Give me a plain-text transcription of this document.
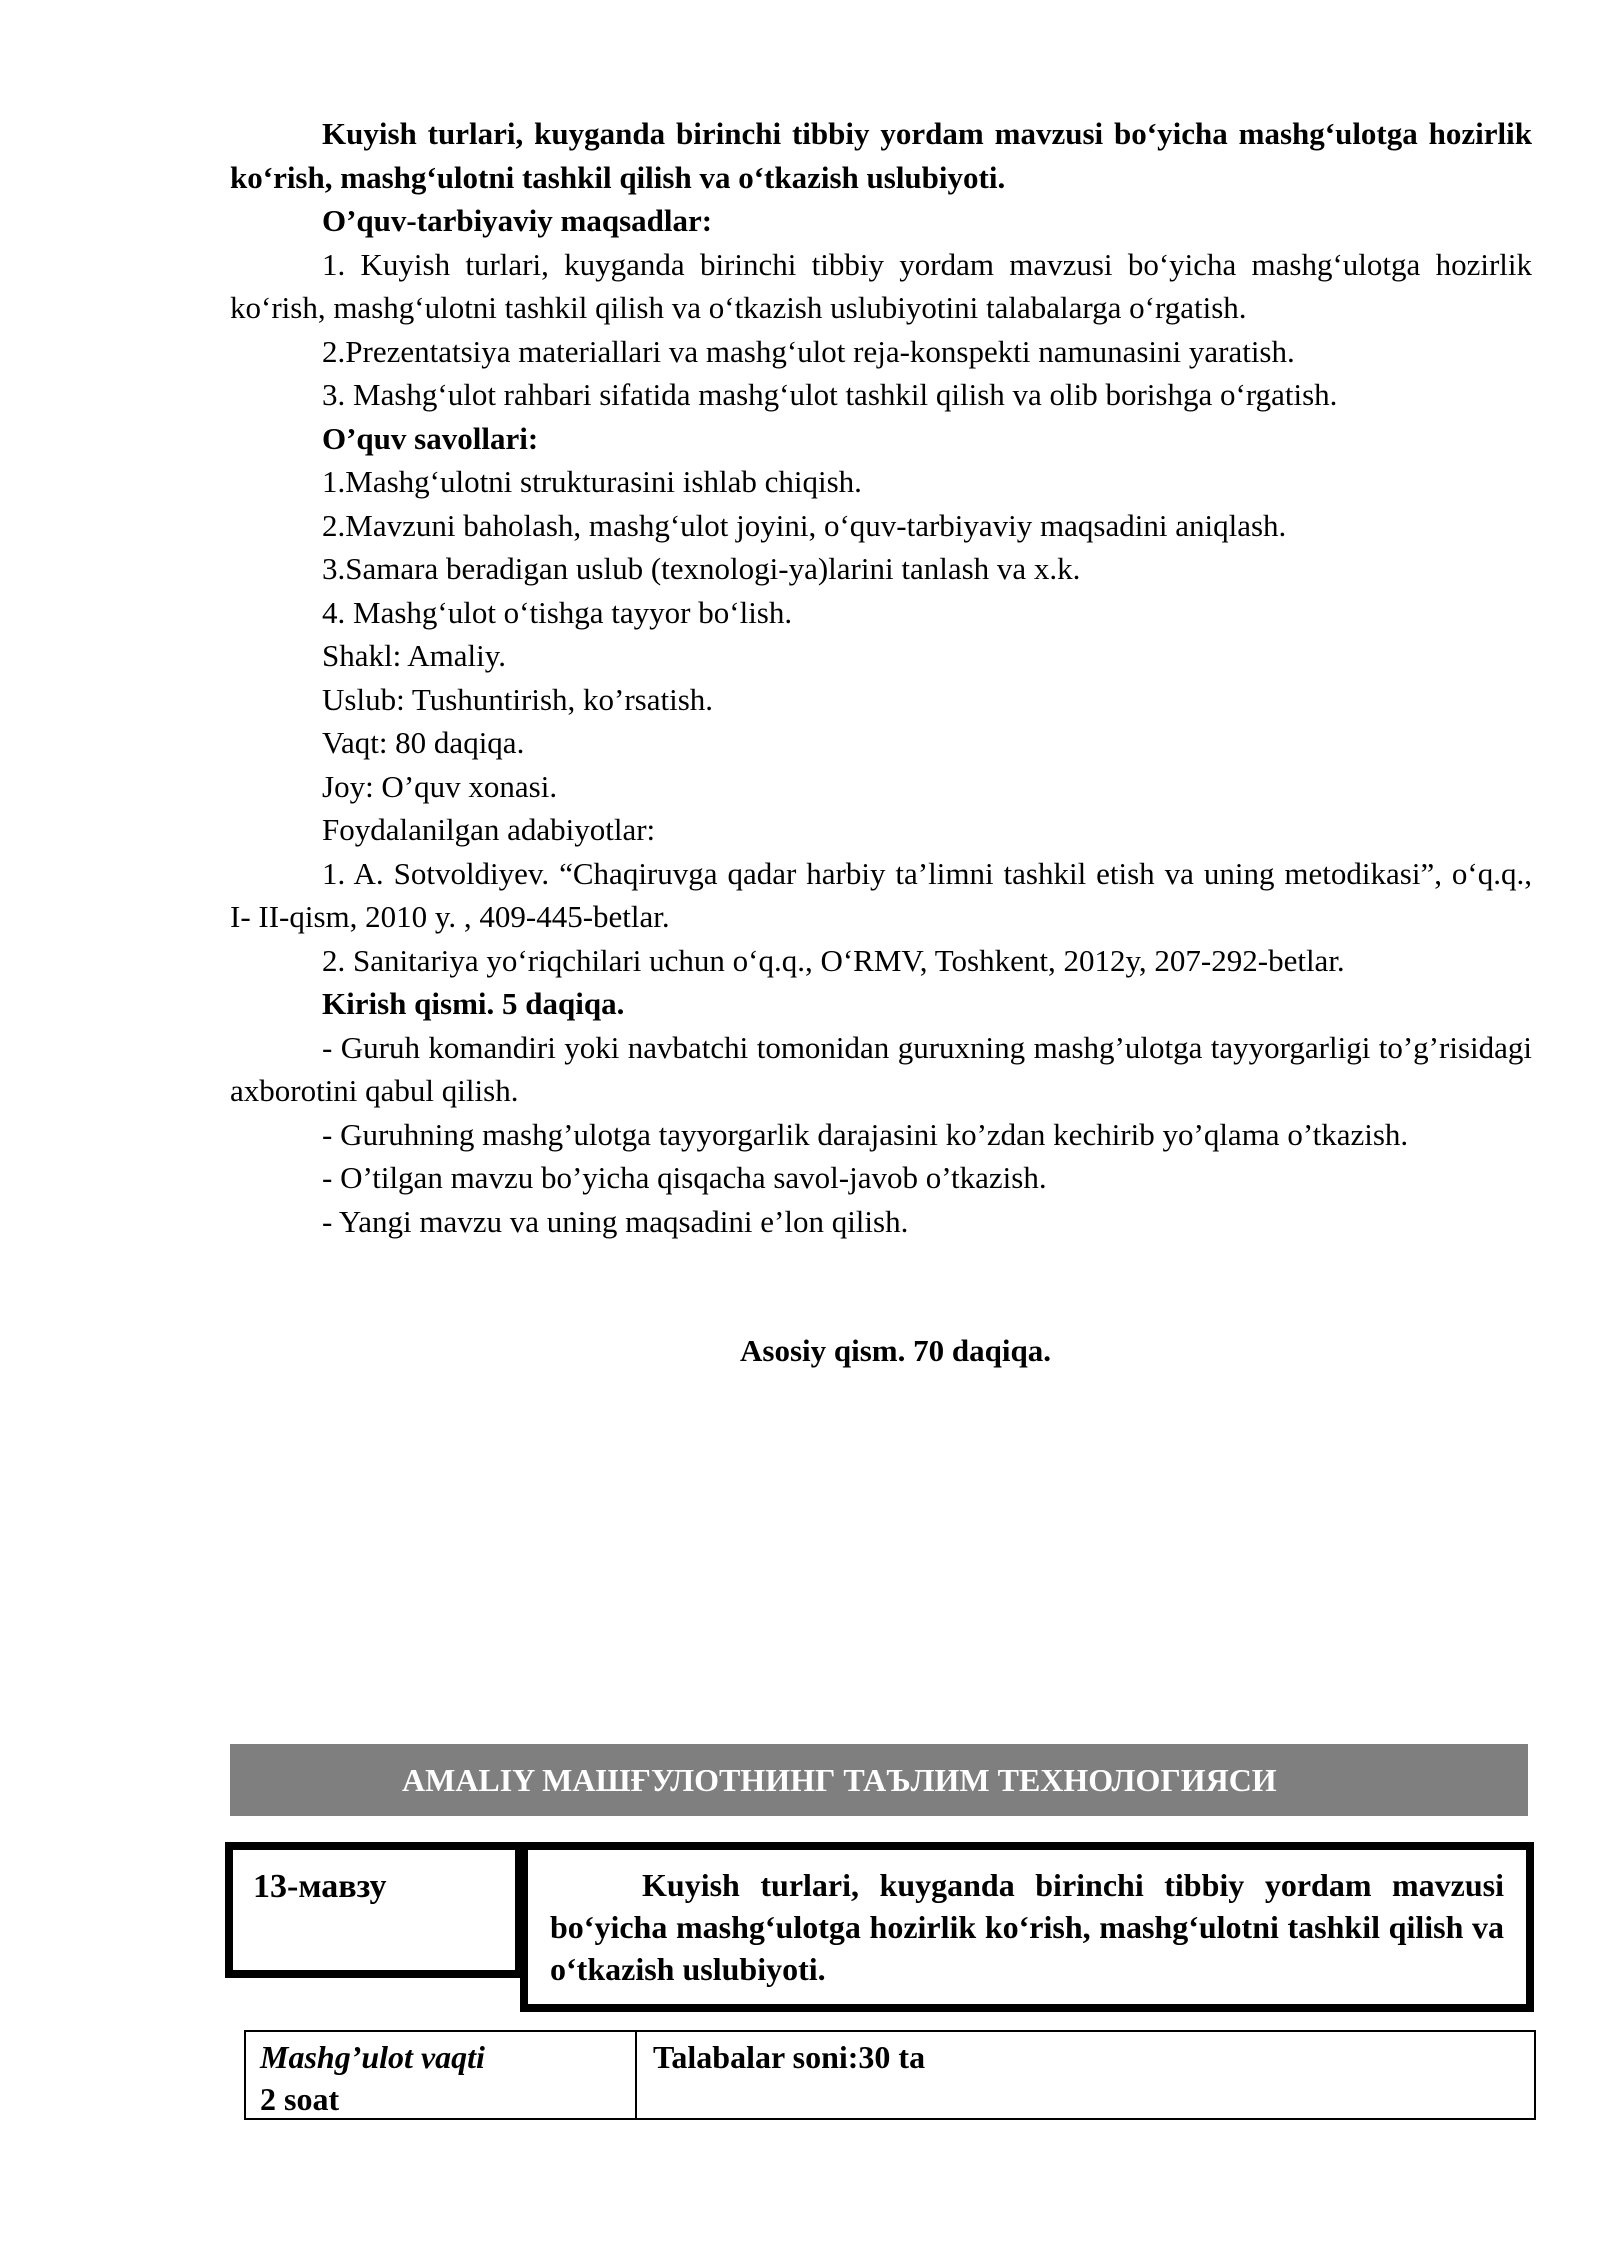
Kuyish turlari, kuyganda birinchi tibbiy yordam mavzusi bo‘yicha mashg‘ulotga hozirlik ko‘rish, mashg‘ulotni tashkil qilish va o‘tkazish uslubiyoti.

O’quv-tarbiyaviy maqsadlar:

1. Kuyish turlari, kuyganda birinchi tibbiy yordam mavzusi bo‘yicha mashg‘ulotga hozirlik ko‘rish, mashg‘ulotni tashkil qilish va o‘tkazish uslubiyotini talabalarga o‘rgatish.

2.Prezentatsiya materiallari va mashg‘ulot reja-konspekti namunasini yaratish.

3. Mashg‘ulot rahbari sifatida mashg‘ulot tashkil qilish va olib borishga o‘rgatish.

O’quv savollari:

1.Mashg‘ulotni strukturasini ishlab chiqish.

2.Mavzuni baholash, mashg‘ulot joyini, o‘quv-tarbiyaviy maqsadini aniqlash.

3.Samara beradigan uslub (texnologi-ya)larini tanlash va x.k.

4. Mashg‘ulot o‘tishga tayyor bo‘lish.

Shakl: Amaliy.

Uslub: Tushuntirish, ko’rsatish.

Vaqt: 80 daqiqa.

Joy: O’quv xonasi.

Foydalanilgan adabiyotlar:

1. A. Sotvoldiyev. “Chaqiruvga qadar harbiy ta’limni tashkil etish va uning metodikasi”, o‘q.q., I- II-qism, 2010 y. , 409-445-betlar.

2. Sanitariya yo‘riqchilari uchun o‘q.q., O‘RMV, Toshkent, 2012y, 207-292-betlar.

Kirish qismi. 5 daqiqa.

- Guruh komandiri yoki navbatchi tomonidan guruxning mashg’ulotga tayyorgarligi to’g’risidagi axborotini qabul qilish.

- Guruhning mashg’ulotga tayyorgarlik darajasini ko’zdan kechirib yo’qlama o’tkazish.

- O’tilgan mavzu bo’yicha qisqacha savol-javob o’tkazish.

- Yangi mavzu va uning maqsadini e’lon qilish.

Asosiy qism. 70 daqiqa.

AMALIY МАШҒУЛОТНИНГ ТАЪЛИМ ТЕХНОЛОГИЯСИ
13-мавзу	Kuyish turlari, kuyganda birinchi tibbiy yordam mavzusi bo‘yicha mashg‘ulotga hozirlik ko‘rish, mashg‘ulotni tashkil qilish va o‘tkazish uslubiyoti.
Mashg’ulot vaqti
2 soat
Talabalar soni:30 ta
